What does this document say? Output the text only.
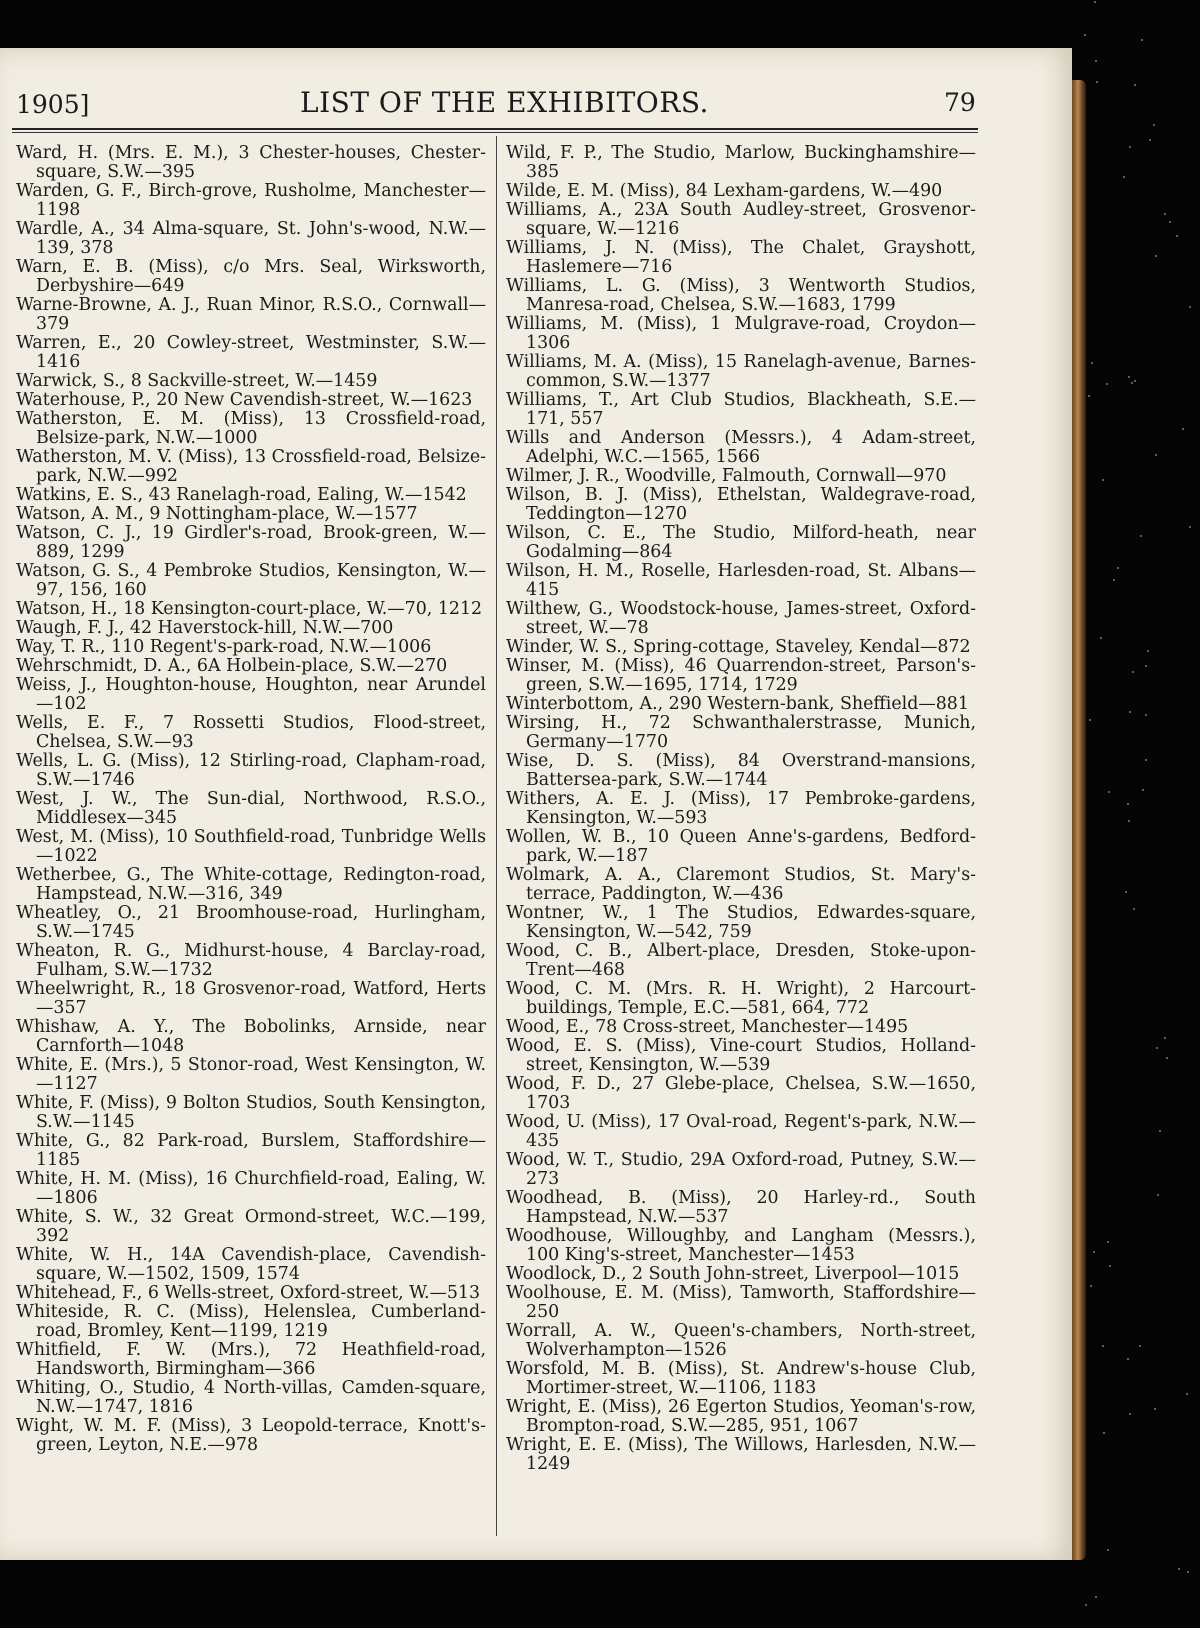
1905]	LIST OF THE EXHIBITORS.	79

Ward, H. (Mrs. E. M.), 3 Chester-houses, Chester-square, S.W.—395

Warden, G. F., Birch-grove, Rusholme, Manchester—1198

Wardle, A., 34 Alma-square, St. John's-wood, N.W.—139, 378

Warn, E. B. (Miss), c/o Mrs. Seal, Wirksworth, Derbyshire—649

Warne-Browne, A. J., Ruan Minor, R.S.O., Cornwall—379

Warren, E., 20 Cowley-street, Westminster, S.W.—1416

Warwick, S., 8 Sackville-street, W.—1459

Waterhouse, P., 20 New Cavendish-street, W.—1623

Watherston, E. M. (Miss), 13 Crossfield-road, Belsize-park, N.W.—1000

Watherston, M. V. (Miss), 13 Crossfield-road, Belsize-park, N.W.—992

Watkins, E. S., 43 Ranelagh-road, Ealing, W.—1542

Watson, A. M., 9 Nottingham-place, W.—1577

Watson, C. J., 19 Girdler's-road, Brook-green, W.—889, 1299

Watson, G. S., 4 Pembroke Studios, Kensington, W.—97, 156, 160

Watson, H., 18 Kensington-court-place, W.—70, 1212

Waugh, F. J., 42 Haverstock-hill, N.W.—700

Way, T. R., 110 Regent's-park-road, N.W.—1006

Wehrschmidt, D. A., 6A Holbein-place, S.W.—270

Weiss, J., Houghton-house, Houghton, near Arundel—102

Wells, E. F., 7 Rossetti Studios, Flood-street, Chelsea, S.W.—93

Wells, L. G. (Miss), 12 Stirling-road, Clapham-road, S.W.—1746

West, J. W., The Sun-dial, Northwood, R.S.O., Middlesex—345

West, M. (Miss), 10 Southfield-road, Tunbridge Wells—1022

Wetherbee, G., The White-cottage, Redington-road, Hampstead, N.W.—316, 349

Wheatley, O., 21 Broomhouse-road, Hurlingham, S.W.—1745

Wheaton, R. G., Midhurst-house, 4 Barclay-road, Fulham, S.W.—1732

Wheelwright, R., 18 Grosvenor-road, Watford, Herts—357

Whishaw, A. Y., The Bobolinks, Arnside, near Carnforth—1048

White, E. (Mrs.), 5 Stonor-road, West Kensington, W.—1127

White, F. (Miss), 9 Bolton Studios, South Kensington, S.W.—1145

White, G., 82 Park-road, Burslem, Staffordshire—1185

White, H. M. (Miss), 16 Churchfield-road, Ealing, W.—1806

White, S. W., 32 Great Ormond-street, W.C.—199, 392

White, W. H., 14A Cavendish-place, Cavendish-square, W.—1502, 1509, 1574

Whitehead, F., 6 Wells-street, Oxford-street, W.—513

Whiteside, R. C. (Miss), Helenslea, Cumberland-road, Bromley, Kent—1199, 1219

Whitfield, F. W. (Mrs.), 72 Heathfield-road, Handsworth, Birmingham—366

Whiting, O., Studio, 4 North-villas, Camden-square, N.W.—1747, 1816

Wight, W. M. F. (Miss), 3 Leopold-terrace, Knott's-green, Leyton, N.E.—978

Wild, F. P., The Studio, Marlow, Buckinghamshire—385

Wilde, E. M. (Miss), 84 Lexham-gardens, W.—490

Williams, A., 23A South Audley-street, Grosvenor-square, W.—1216

Williams, J. N. (Miss), The Chalet, Grayshott, Haslemere—716

Williams, L. G. (Miss), 3 Wentworth Studios, Manresa-road, Chelsea, S.W.—1683, 1799

Williams, M. (Miss), 1 Mulgrave-road, Croydon—1306

Williams, M. A. (Miss), 15 Ranelagh-avenue, Barnes-common, S.W.—1377

Williams, T., Art Club Studios, Blackheath, S.E.—171, 557

Wills and Anderson (Messrs.), 4 Adam-street, Adelphi, W.C.—1565, 1566

Wilmer, J. R., Woodville, Falmouth, Cornwall—970

Wilson, B. J. (Miss), Ethelstan, Waldegrave-road, Teddington—1270

Wilson, C. E., The Studio, Milford-heath, near Godalming—864

Wilson, H. M., Roselle, Harlesden-road, St. Albans—415

Wilthew, G., Woodstock-house, James-street, Oxford-street, W.—78

Winder, W. S., Spring-cottage, Staveley, Kendal—872

Winser, M. (Miss), 46 Quarrendon-street, Parson's-green, S.W.—1695, 1714, 1729

Winterbottom, A., 290 Western-bank, Sheffield—881

Wirsing, H., 72 Schwanthalerstrasse, Munich, Germany—1770

Wise, D. S. (Miss), 84 Overstrand-mansions, Battersea-park, S.W.—1744

Withers, A. E. J. (Miss), 17 Pembroke-gardens, Kensington, W.—593

Wollen, W. B., 10 Queen Anne's-gardens, Bedford-park, W.—187

Wolmark, A. A., Claremont Studios, St. Mary's-terrace, Paddington, W.—436

Wontner, W., 1 The Studios, Edwardes-square, Kensington, W.—542, 759

Wood, C. B., Albert-place, Dresden, Stoke-upon-Trent—468

Wood, C. M. (Mrs. R. H. Wright), 2 Harcourt-buildings, Temple, E.C.—581, 664, 772

Wood, E., 78 Cross-street, Manchester—1495

Wood, E. S. (Miss), Vine-court Studios, Holland-street, Kensington, W.—539

Wood, F. D., 27 Glebe-place, Chelsea, S.W.—1650, 1703

Wood, U. (Miss), 17 Oval-road, Regent's-park, N.W.—435

Wood, W. T., Studio, 29A Oxford-road, Putney, S.W.—273

Woodhead, B. (Miss), 20 Harley-rd., South Hampstead, N.W.—537

Woodhouse, Willoughby, and Langham (Messrs.), 100 King's-street, Manchester—1453

Woodlock, D., 2 South John-street, Liverpool—1015

Woolhouse, E. M. (Miss), Tamworth, Staffordshire—250

Worrall, A. W., Queen's-chambers, North-street, Wolverhampton—1526

Worsfold, M. B. (Miss), St. Andrew's-house Club, Mortimer-street, W.—1106, 1183

Wright, E. (Miss), 26 Egerton Studios, Yeoman's-row, Brompton-road, S.W.—285, 951, 1067

Wright, E. E. (Miss), The Willows, Harlesden, N.W.—1249
